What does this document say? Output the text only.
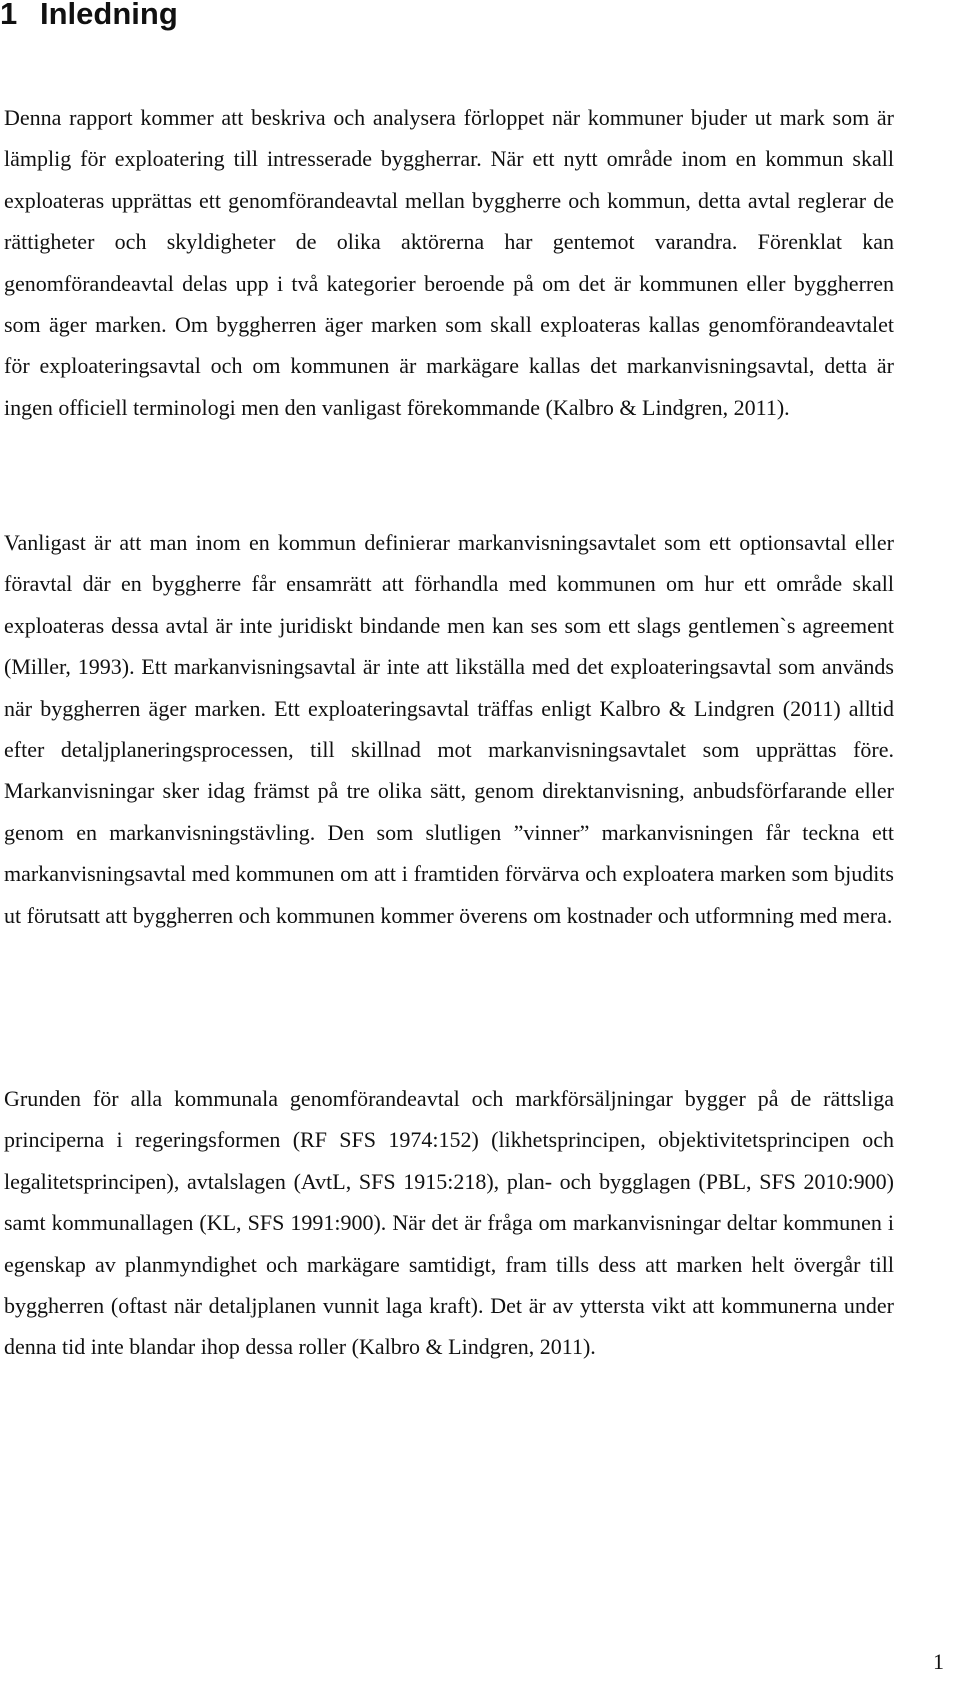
1 Inledning

Denna rapport kommer att beskriva och analysera förloppet när kommuner bjuder ut mark som är lämplig för exploatering till intresserade byggherrar. När ett nytt område inom en kommun skall exploateras upprättas ett genomförandeavtal mellan byggherre och kommun, detta avtal reglerar de rättigheter och skyldigheter de olika aktörerna har gentemot varandra. Förenklat kan genomförandeavtal delas upp i två kategorier beroende på om det är kommunen eller byggherren som äger marken. Om byggherren äger marken som skall exploateras kallas genomförandeavtalet för exploateringsavtal och om kommunen är markägare kallas det markanvisningsavtal, detta är ingen officiell terminologi men den vanligast förekommande (Kalbro & Lindgren, 2011).

Vanligast är att man inom en kommun definierar markanvisningsavtalet som ett optionsavtal eller föravtal där en byggherre får ensamrätt att förhandla med kommunen om hur ett område skall exploateras dessa avtal är inte juridiskt bindande men kan ses som ett slags gentlemen`s agreement (Miller, 1993). Ett markanvisningsavtal är inte att likställa med det exploateringsavtal som används när byggherren äger marken. Ett exploateringsavtal träffas enligt Kalbro & Lindgren (2011) alltid efter detaljplaneringsprocessen, till skillnad mot markanvisningsavtalet som upprättas före. Markanvisningar sker idag främst på tre olika sätt, genom direktanvisning, anbudsförfarande eller genom en markanvisningstävling. Den som slutligen ”vinner” markanvisningen får teckna ett markanvisningsavtal med kommunen om att i framtiden förvärva och exploatera marken som bjudits ut förutsatt att byggherren och kommunen kommer överens om kostnader och utformning med mera.

Grunden för alla kommunala genomförandeavtal och markförsäljningar bygger på de rättsliga principerna i regeringsformen (RF SFS 1974:152) (likhetsprincipen, objektivitetsprincipen och legalitetsprincipen), avtalslagen (AvtL, SFS 1915:218), plan- och bygglagen (PBL, SFS 2010:900) samt kommunallagen (KL, SFS 1991:900). När det är fråga om markanvisningar deltar kommunen i egenskap av planmyndighet och markägare samtidigt, fram tills dess att marken helt övergår till byggherren (oftast när detaljplanen vunnit laga kraft). Det är av yttersta vikt att kommunerna under denna tid inte blandar ihop dessa roller (Kalbro & Lindgren, 2011).

1
